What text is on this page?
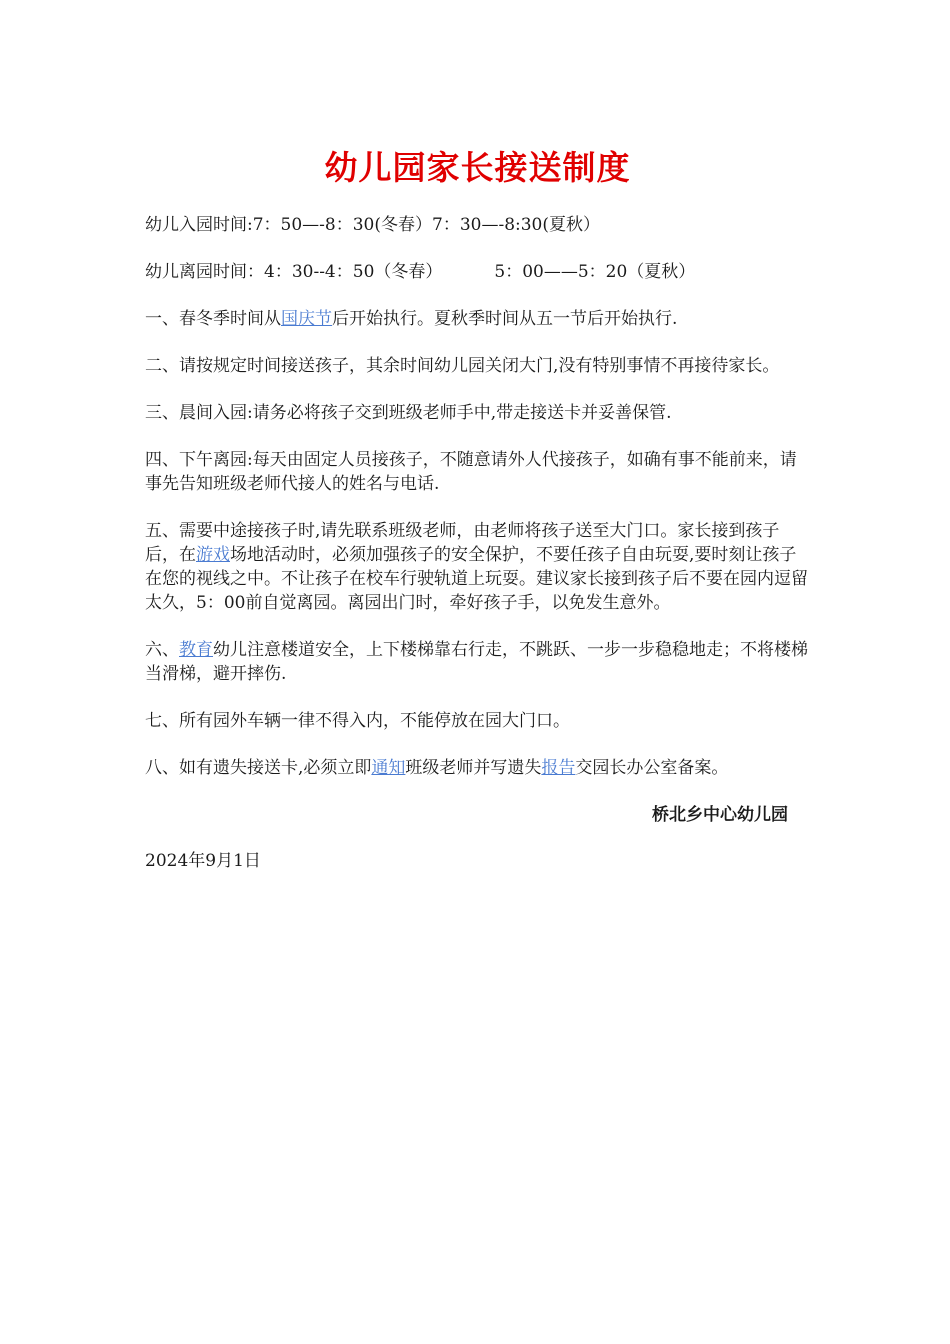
幼儿园家长接送制度

幼儿入园时间:7：50—-8：30(冬春）7：30—-8:30(夏秋）

幼儿离园时间：4：30--4：50（冬春）	5：00——5：20（夏秋）

一、春冬季时间从国庆节后开始执行。夏秋季时间从五一节后开始执行.

二、请按规定时间接送孩子，其余时间幼儿园关闭大门,没有特别事情不再接待家长。

三、晨间入园:请务必将孩子交到班级老师手中,带走接送卡并妥善保管.

四、下午离园:每天由固定人员接孩子，不随意请外人代接孩子，如确有事不能前来，请事先告知班级老师代接人的姓名与电话.

五、需要中途接孩子时,请先联系班级老师，由老师将孩子送至大门口。家长接到孩子后，在游戏场地活动时，必须加强孩子的安全保护，不要任孩子自由玩耍,要时刻让孩子在您的视线之中。不让孩子在校车行驶轨道上玩耍。建议家长接到孩子后不要在园内逗留太久，5：00前自觉离园。离园出门时，牵好孩子手，以免发生意外。

六、教育幼儿注意楼道安全，上下楼梯靠右行走，不跳跃、一步一步稳稳地走；不将楼梯当滑梯，避开摔伤.

七、所有园外车辆一律不得入内，不能停放在园大门口。

八、如有遗失接送卡,必须立即通知班级老师并写遗失报告交园长办公室备案。

桥北乡中心幼儿园
2024年9月1日
